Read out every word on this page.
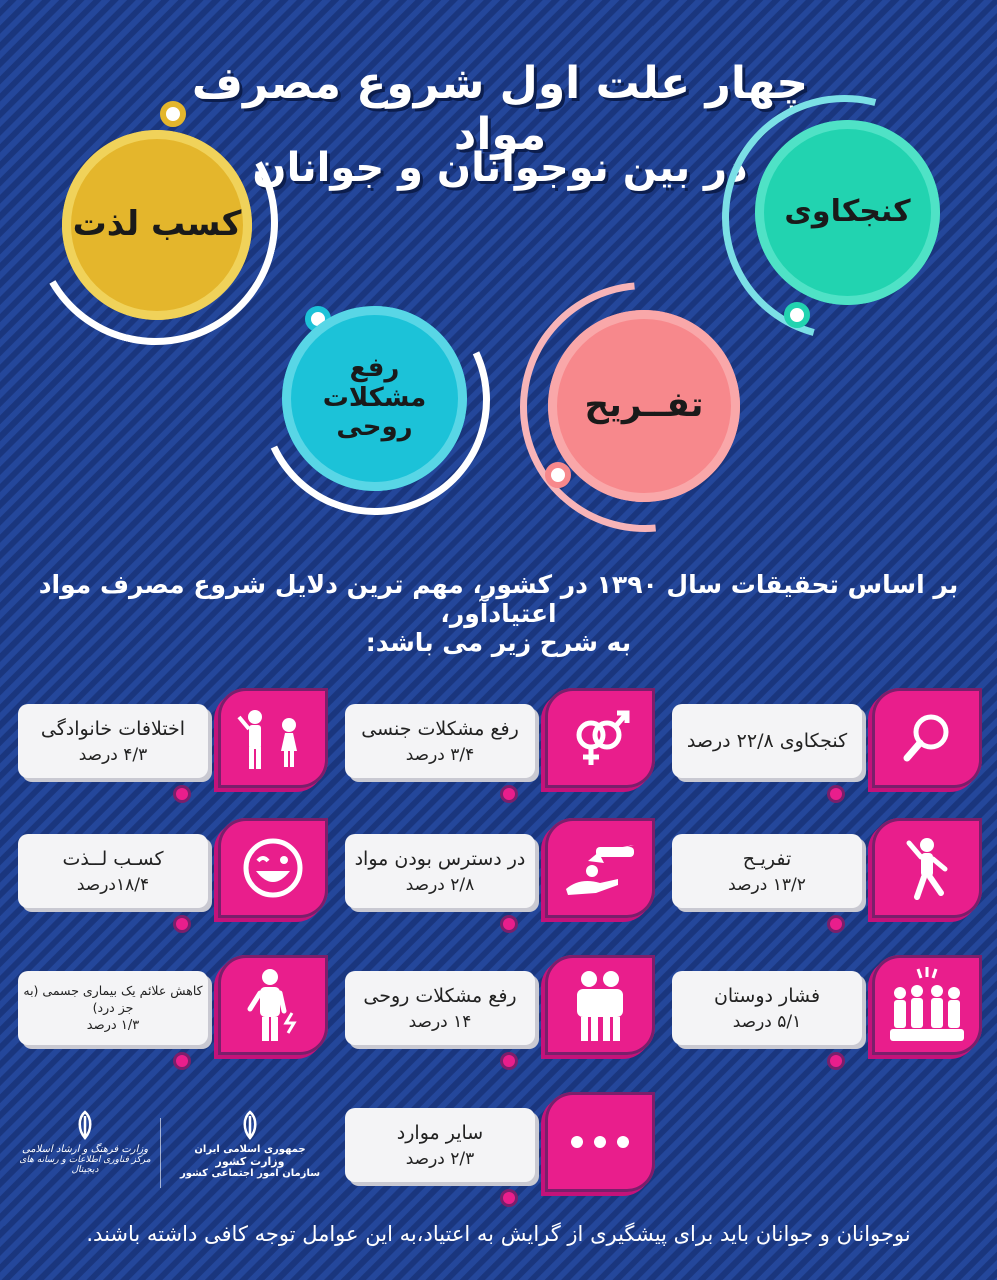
چهار علت اول شروع مصرف مواد
در بین نوجوانان و جوانان
کسب لذت	کنجکاوی
رفع مشکلات روحی
تفــریح
بر اساس تحقیقات سال ۱۳۹۰ در کشور، مهم ترین دلایل شروع مصرف مواد اعتیادآور،
به شرح زیر می باشد:
کنجکاوی ۲۲/۸ درصد
رفع مشکلات جنسی
۳/۴ درصد
اختلافات خانوادگی
۴/۳ درصد
تفریـح
۱۳/۲ درصد
در دسترس بودن مواد
۲/۸ درصد
کسـب لــذت
۱۸/۴درصد
فشار دوستان
۵/۱ درصد
رفع مشکلات روحی
۱۴ درصد
کاهش علائم یک بیماری جسمی (به جز درد)
۱/۳ درصد
سایر موارد
۲/۳ درصد
جمهوری اسلامی ایران
وزارت کشور
سازمان امور اجتماعی کشور
وزارت فرهنگ و ارشاد اسلامی
مرکز فناوری اطلاعات و رسانه های دیجیتال
نوجوانان و جوانان باید برای پیشگیری از گرایش به اعتیاد،به این عوامل توجه کافی داشته باشند.
